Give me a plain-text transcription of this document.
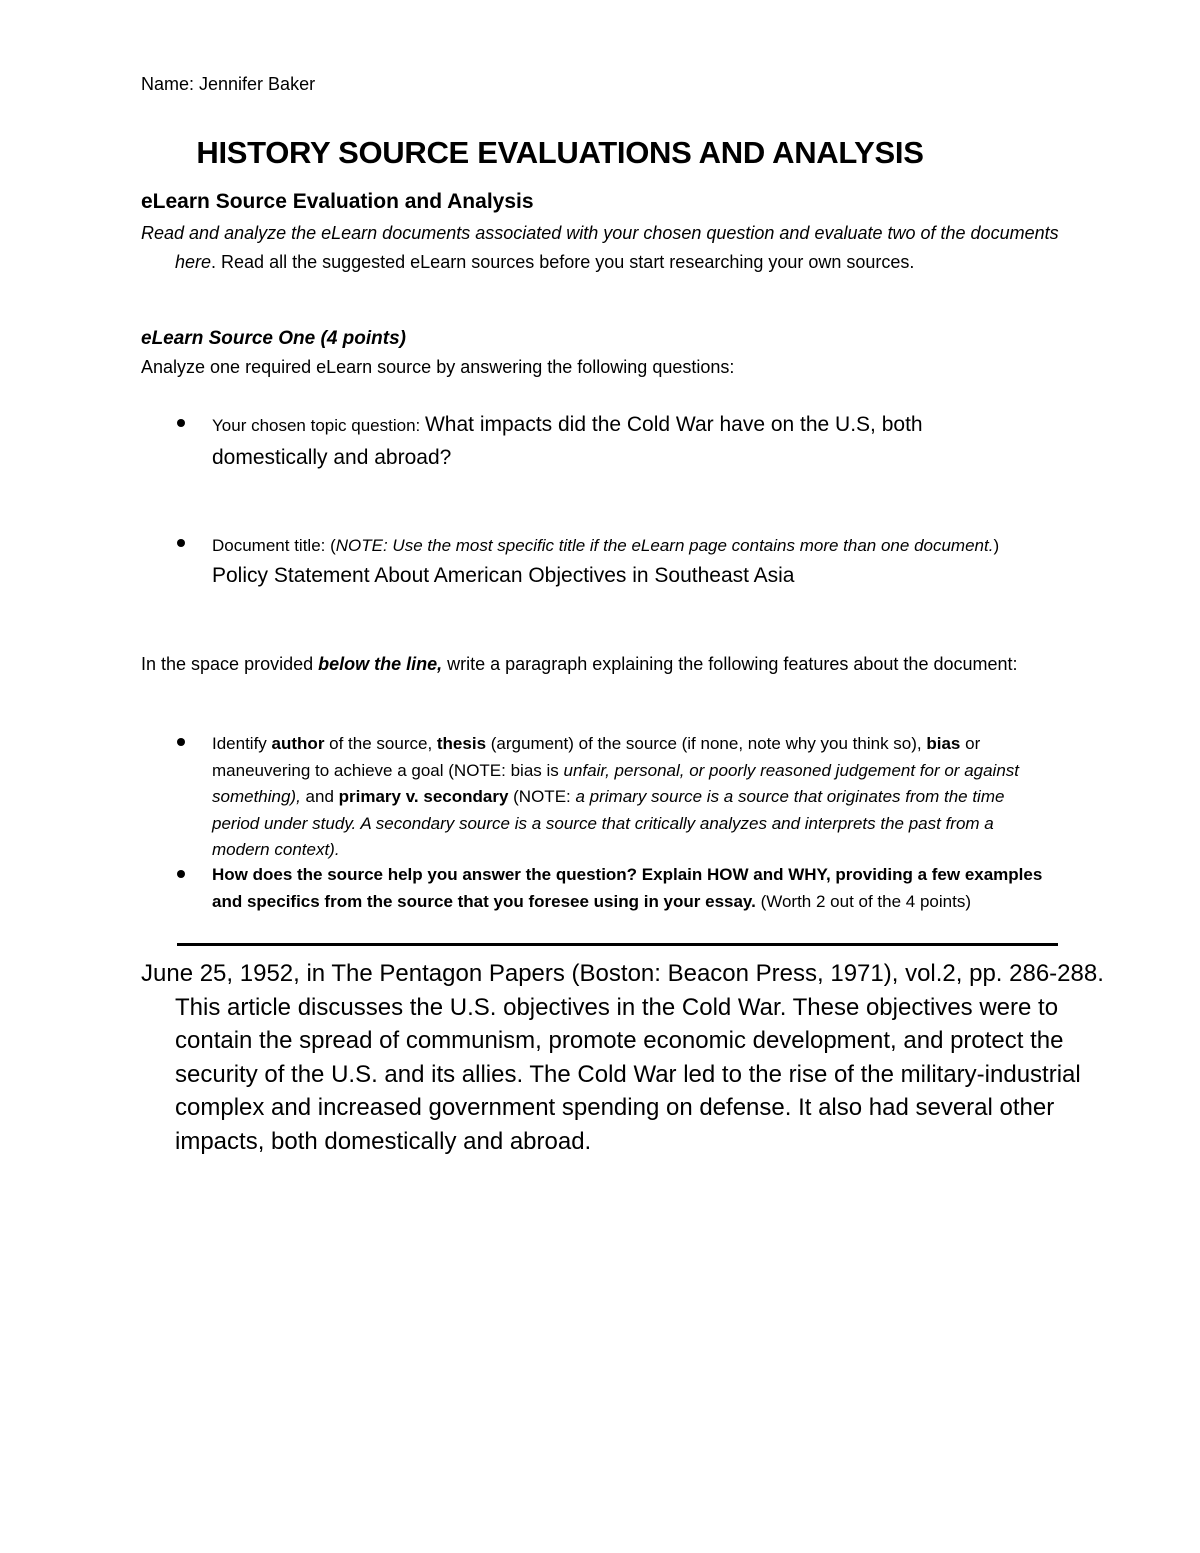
Name: Jennifer Baker
HISTORY SOURCE EVALUATIONS AND ANALYSIS
eLearn Source Evaluation and Analysis
Read and analyze the eLearn documents associated with your chosen question and evaluate two of the documents here. Read all the suggested eLearn sources before you start researching your own sources.
eLearn Source One (4 points)
Analyze one required eLearn source by answering the following questions:
Your chosen topic question: What impacts did the Cold War have on the U.S, both domestically and abroad?
Document title: (NOTE: Use the most specific title if the eLearn page contains more than one document.)
Policy Statement About American Objectives in Southeast Asia
In the space provided below the line, write a paragraph explaining the following features about the document:
Identify author of the source, thesis (argument) of the source (if none, note why you think so), bias or maneuvering to achieve a goal (NOTE: bias is unfair, personal, or poorly reasoned judgement for or against something), and primary v. secondary (NOTE: a primary source is a source that originates from the time period under study. A secondary source is a source that critically analyzes and interprets the past from a modern context).
How does the source help you answer the question? Explain HOW and WHY, providing a few examples and specifics from the source that you foresee using in your essay. (Worth 2 out of the 4 points)
June 25, 1952, in The Pentagon Papers (Boston: Beacon Press, 1971), vol.2, pp. 286-288. This article discusses the U.S. objectives in the Cold War. These objectives were to contain the spread of communism, promote economic development, and protect the security of the U.S. and its allies. The Cold War led to the rise of the military-industrial complex and increased government spending on defense. It also had several other impacts, both domestically and abroad.
